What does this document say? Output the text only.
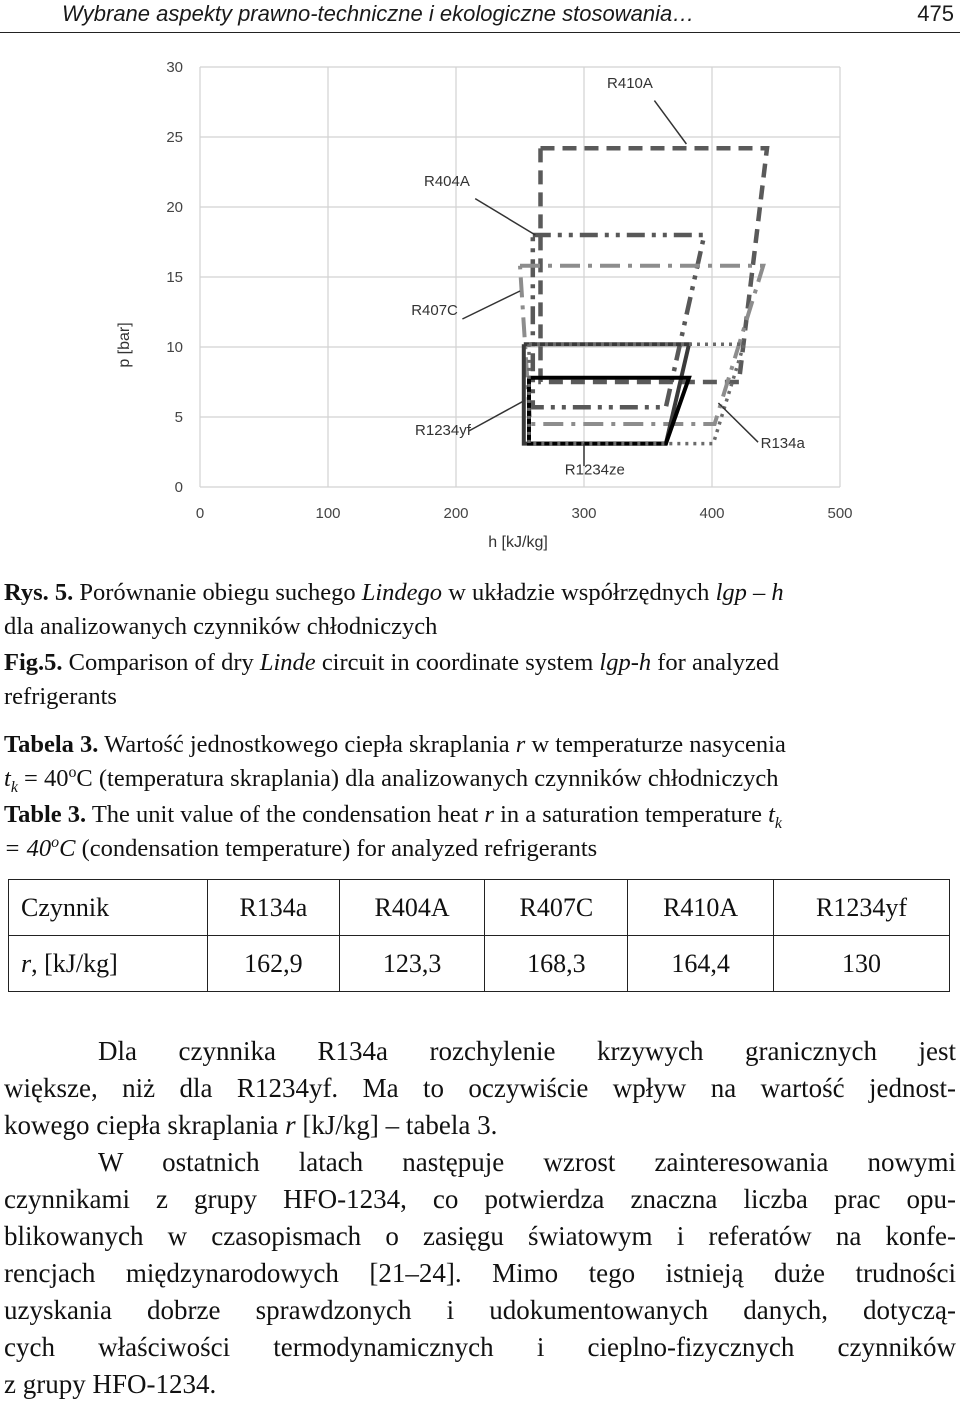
Wybrane aspekty prawno-techniczne i ekologiczne stosowania…	475
0
5
10
15
20
25
30
0	100	200	300	400	500
p [bar]
h [kJ/kg]
R410A
R404A
R407C
R1234yf
R134a
R1234ze
Rys. 5. Porównanie obiegu suchego Lindego w układzie współrzędnych lgp – h
dla analizowanych czynników chłodniczych
Fig.5. Comparison of dry Linde circuit in coordinate system lgp-h for analyzed
refrigerants
Tabela 3. Wartość jednostkowego ciepła skraplania r w temperaturze nasycenia
$t_k = 40^oC$ (temperatura skraplania) dla analizowanych czynników chłodniczych
Table 3. The unit value of the condensation heat r in a saturation temperature $t_k$
= $40^oC$ (condensation temperature) for analyzed refrigerants
Czynnik	R134a	R404A	R407C	R410A	R1234yf
r, [kJ/kg]	162,9	123,3	168,3	164,4	130
Dla czynnika R134a rozchylenie krzywych granicznych jest
większe, niż dla R1234yf. Ma to oczywiście wpływ na wartość jednost-
kowego ciepła skraplania r [kJ/kg] – tabela 3.
W ostatnich latach następuje wzrost zainteresowania nowymi
czynnikami z grupy HFO-1234, co potwierdza znaczna liczba prac opu-
blikowanych w czasopismach o zasięgu światowym i referatów na konfe-
rencjach międzynarodowych [21–24]. Mimo tego istnieją duże trudności
uzyskania dobrze sprawdzonych i udokumentowanych danych, dotyczą-
cych właściwości termodynamicznych i cieplno-fizycznych czynników
z grupy HFO-1234.
